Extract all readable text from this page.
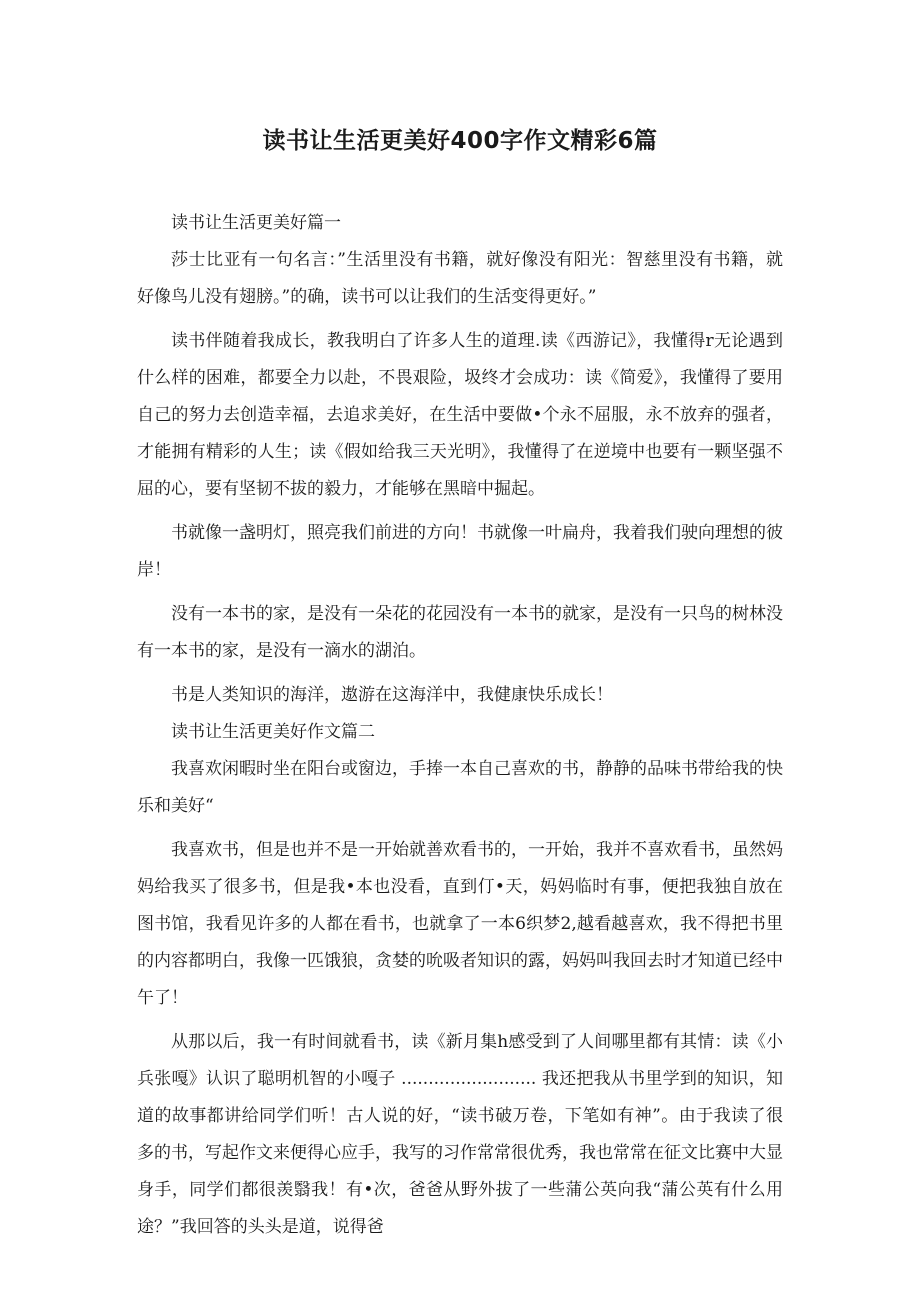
读书让生活更美好400字作文精彩6篇

读书让生活更美好篇一

莎士比亚有一句名言：”生活里没有书籍，就好像没有阳光：智慈里没有书籍，就好像鸟儿没有翅膀。”的确，读书可以让我们的生活变得更好。”

读书伴随着我成长，教我明白了许多人生的道理.读《西游记》，我懂得r无论遇到什么样的困难，都要全力以赴，不畏艰险，圾终才会成功：读《简爱》，我懂得了要用自己的努力去创造幸福，去追求美好，在生活中要做•个永不屈服，永不放弃的强者，才能拥有精彩的人生；读《假如给我三天光明》，我懂得了在逆境中也要有一颗坚强不屈的心，要有坚韧不拔的毅力，才能够在黑暗中掘起。

书就像一盏明灯，照亮我们前进的方向！书就像一叶扁舟，我着我们驶向理想的彼岸！

没有一本书的家，是没有一朵花的花园没有一本书的就家，是没有一只鸟的树林没有一本书的家，是没有一滴水的湖泊。

书是人类知识的海洋，遨游在这海洋中，我健康快乐成长！

读书让生活更美好作文篇二

我喜欢闲暇时坐在阳台或窗边，手捧一本自己喜欢的书，静静的品味书带给我的快乐和美好“

我喜欢书，但是也并不是一开始就善欢看书的，一开始，我并不喜欢看书，虽然妈妈给我买了很多书，但是我•本也没看，直到仃•天，妈妈临时有事，便把我独自放在图书馆，我看见许多的人都在看书，也就拿了一本6织梦2,越看越喜欢，我不得把书里的内容都明白，我像一匹饿狼，贪婪的吮吸者知识的露，妈妈叫我回去时才知道已经中午了！

从那以后，我一有时间就看书，读《新月集h感受到了人间哪里都有其情：读《小兵张嘎》认识了聪明机智的小嘎子 ......................... 我还把我从书里学到的知识，知道的故事都讲给同学们听！古人说的好，“读书破万卷，下笔如有神”。由于我读了很多的书，写起作文来便得心应手，我写的习作常常很优秀，我也常常在征文比赛中大显身手，同学们都很羡翳我！有•次，爸爸从野外拔了一些蒲公英向我“蒲公英有什么用途？”我回答的头头是道，说得爸
